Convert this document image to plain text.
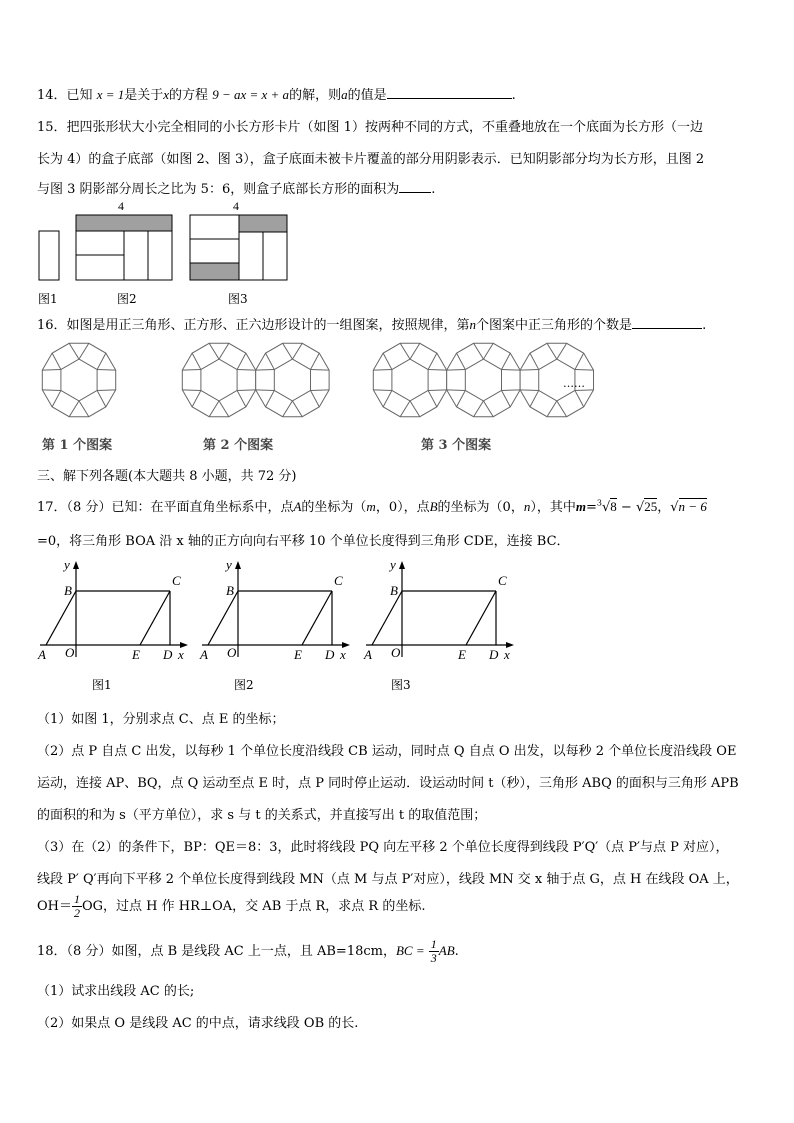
14．已知 x = 1是关于x的方程 9 − ax = x + a的解，则a的值是	.
15．把四张形状大小完全相同的小长方形卡片（如图 1）按两种不同的方式，不重叠地放在一个底面为长方形（一边
长为 4）的盒子底部（如图 2、图 3），盒子底面未被卡片覆盖的部分用阴影表示．已知阴影部分均为长方形，且图 2
与图 3 阴影部分周长之比为 5：6，则盒子底部长方形的面积为 .
4	4
图1	图2	图3
16．如图是用正三角形、正方形、正六边形设计的一组图案，按照规律，第n个图案中正三角形的个数是	.
……
第 1 个图案	第 2 个图案	第 3 个图案
三、解下列各题(本大题共 8 小题，共 72 分)
17．（8 分）已知：在平面直角坐标系中，点A的坐标为（m，0），点B的坐标为（0，n），其中m=$^3$√8 − √25，√n − 6
=0，将三角形 BOA 沿 x 轴的正方向向右平移 10 个单位长度得到三角形 CDE，连接 BC．
y
B
C
A O	E D x
y
B
C
A O	E D x
y
B
C
A O	E D x
图1	图2	图3
（1）如图 1，分别求点 C、点 E 的坐标；
（2）点 P 自点 C 出发，以每秒 1 个单位长度沿线段 CB 运动，同时点 Q 自点 O 出发，以每秒 2 个单位长度沿线段 OE
运动，连接 AP、BQ，点 Q 运动至点 E 时，点 P 同时停止运动．设运动时间 t（秒），三角形 ABQ 的面积与三角形 APB
的面积的和为 s（平方单位），求 s 与 t 的关系式，并直接写出 t 的取值范围；
（3）在（2）的条件下，BP：QE＝8：3，此时将线段 PQ 向左平移 2 个单位长度得到线段 P′Q′（点 P′与点 P 对应），
线段 P′ Q′再向下平移 2 个单位长度得到线段 MN（点 M 与点 P′对应），线段 MN 交 x 轴于点 G，点 H 在线段 OA 上，
$OH= \frac{1}{2}$ OG，过点 H 作 HR⊥OA，交 AB 于点 R，求点 R 的坐标.
18．（8 分）如图，点 B 是线段 AC 上一点，且 AB=18cm，BC = $\frac{1}{3}$ AB.
（1）试求出线段 AC 的长;
（2）如果点 O 是线段 AC 的中点，请求线段 OB 的长.
